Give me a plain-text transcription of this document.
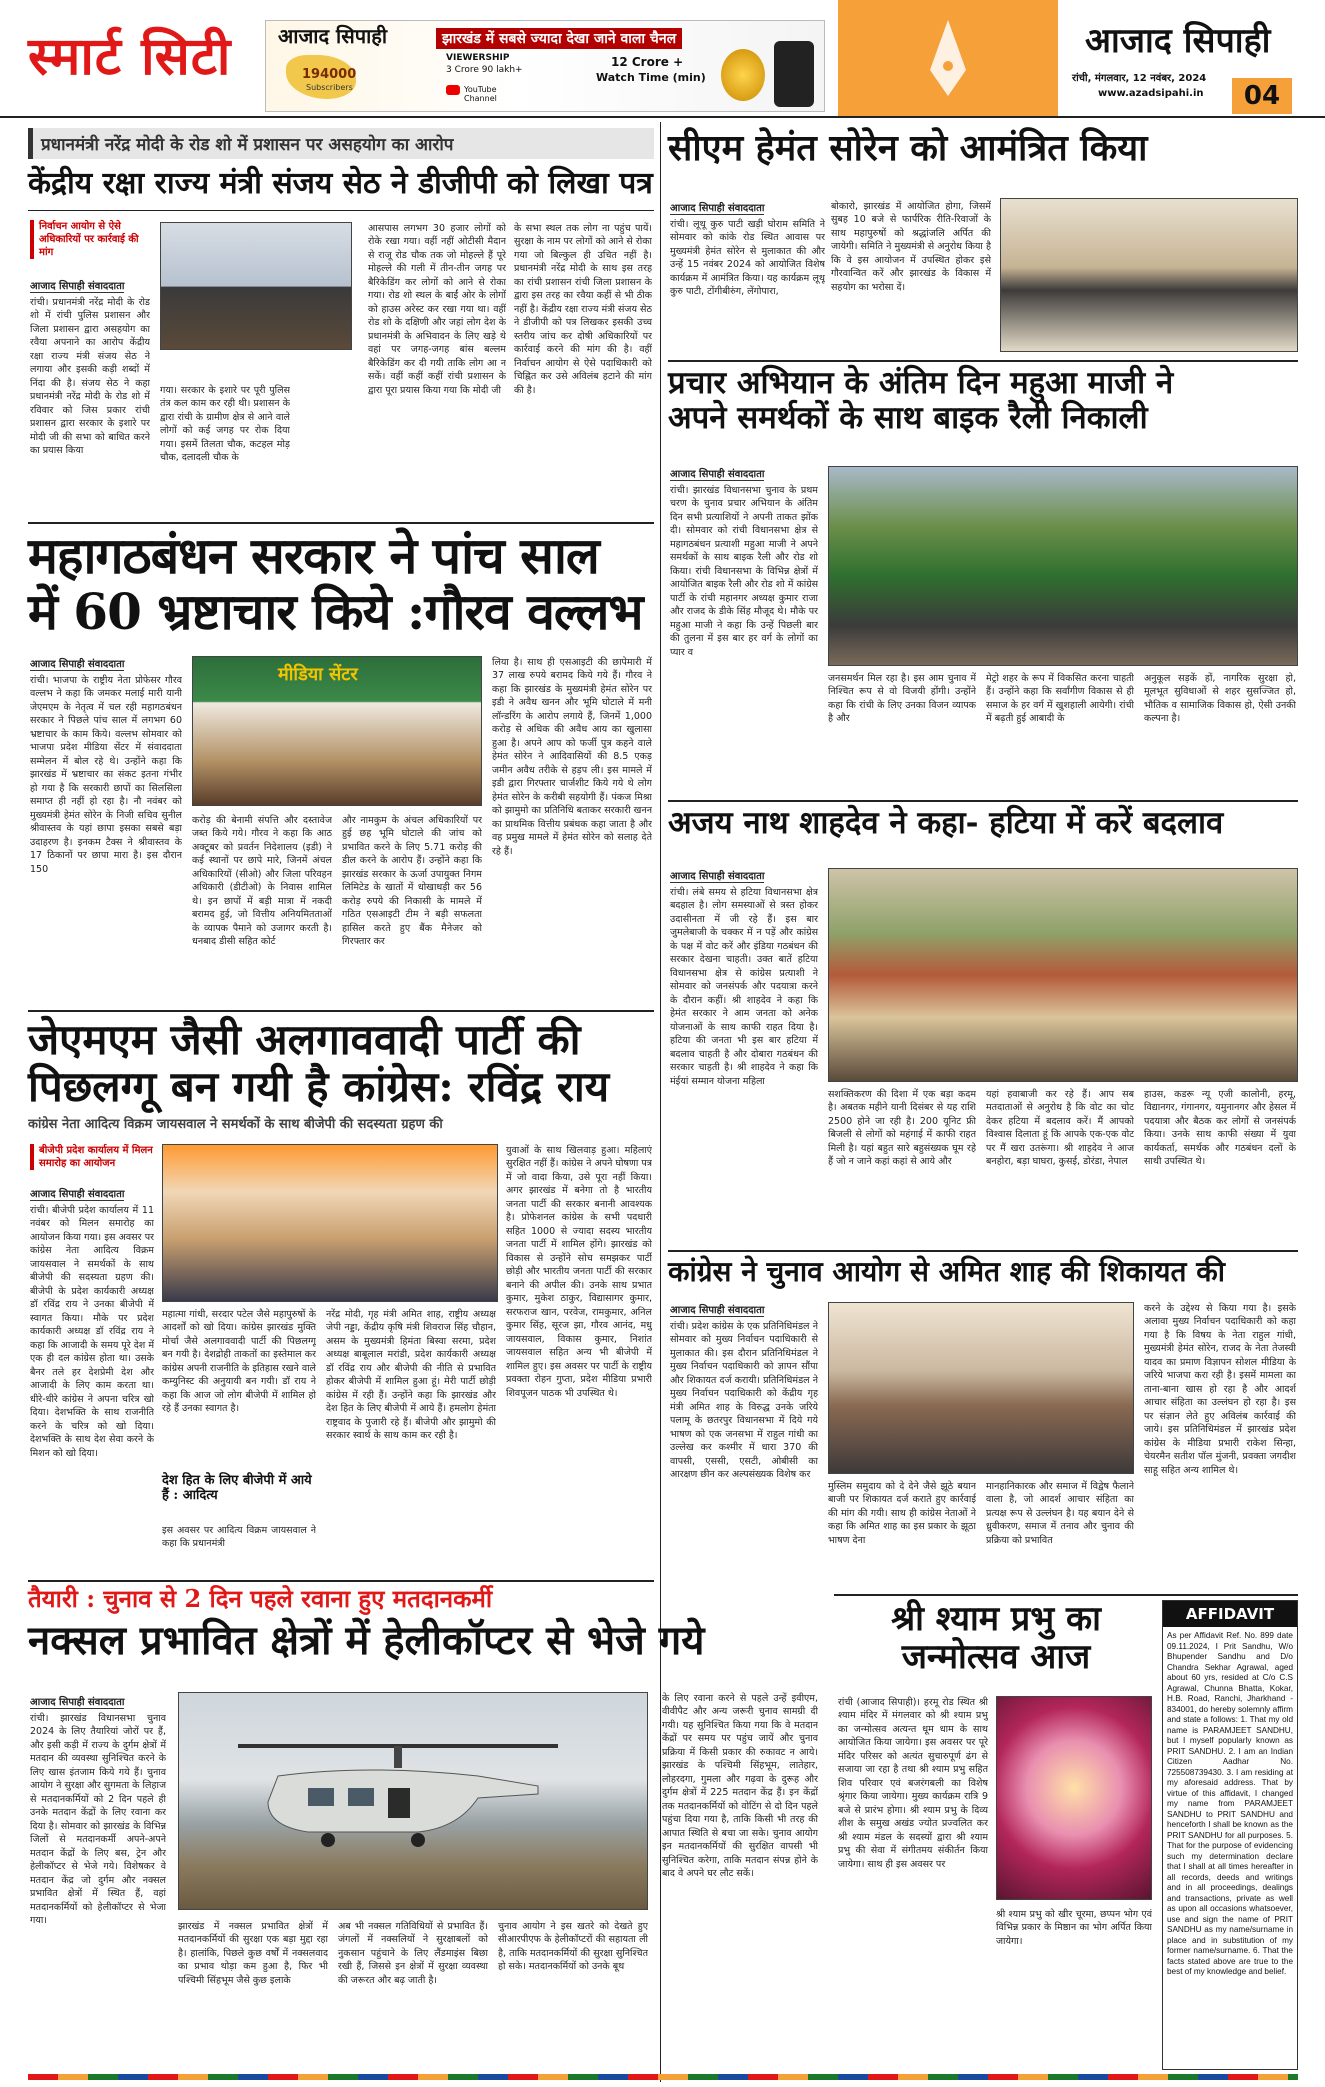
स्मार्ट सिटी आजाद सिपाही	झारखंड में सबसे ज्यादा देखा जाने वाला चैनल
194000
Subscribers
VIEWERSHIP
3 Crore 90 lakh+
YouTube Channel
12 Crore +
Watch Time (min)
आजाद सिपाही
रांची, मंगलवार, 12 नवंबर, 2024
www.azadsipahi.in	04
प्रधानमंत्री नरेंद्र मोदी के रोड शो में प्रशासन पर असहयोग का आरोप
केंद्रीय रक्षा राज्य मंत्री संजय सेठ ने डीजीपी को लिखा पत्र
निर्वाचन आयोग से ऐसे अधिकारियों पर कार्रवाई की मांग
आजाद सिपाही संवाददाता
रांची। प्रधानमंत्री नरेंद्र मोदी के रोड शो में रांची पुलिस प्रशासन और जिला प्रशासन द्वारा असहयोग का रवैया अपनाने का आरोप केंद्रीय रक्षा राज्य मंत्री संजय सेठ ने लगाया और इसकी कड़ी शब्दों में निंदा की है। संजय सेठ ने कहा प्रधानमंत्री नरेंद्र मोदी के रोड शो में रविवार को जिस प्रकार रांची प्रशासन द्वारा सरकार के इशारे पर मोदी जी की सभा को बाधित करने का प्रयास किया
गया। सरकार के इशारे पर पूरी पुलिस तंत्र कल काम कर रही थी। प्रशासन के द्वारा रांची के ग्रामीण क्षेत्र से आने वाले लोगों को कई जगह पर रोक दिया गया। इसमें तिलता चौक, कटहल मोड़ चौक, दलादली चौक के
आसपास लगभग 30 हजार लोगों को रोके रखा गया। वहीं नहीं ओटीसी मैदान से राजू रोड चौक तक जो मोहल्ले हैं पूरे मोहल्ले की गली में तीन-तीन जगह पर बैरिकेडिंग कर लोगों को आने से रोका गया। रोड शो स्थल के बाईं ओर के लोगों को हाउस अरेस्ट कर रखा गया था। वहीं रोड शो के दक्षिणी और जहां लोग देश के प्रधानमंत्री के अभिवादन के लिए खड़े थे वहां पर जगह-जगह बांस बल्लम बैरिकेडिंग कर दी गयी ताकि लोग आ न सकें। वहीं कहीं कहीं रांची प्रशासन के द्वारा पूरा प्रयास किया गया कि मोदी जी
के सभा स्थल तक लोग ना पहुंच पायें। सुरक्षा के नाम पर लोगों को आने से रोका गया जो बिल्कुल ही उचित नहीं है। प्रधानमंत्री नरेंद्र मोदी के साथ इस तरह का रांची प्रशासन रांची जिला प्रशासन के द्वारा इस तरह का रवैया कहीं से भी ठीक नहीं है। केंद्रीय रक्षा राज्य मंत्री संजय सेठ ने डीजीपी को पत्र लिखकर इसकी उच्च स्तरीय जांच कर दोषी अधिकारियों पर कार्रवाई करने की मांग की है। वहीं निर्वाचन आयोग से ऐसे पदाधिकारी को चिह्नित कर उसे अविलंब हटाने की मांग की है।
महागठबंधन सरकार ने पांच साल
में 60 भ्रष्टाचार किये :गौरव वल्लभ
आजाद सिपाही संवाददाता
रांची। भाजपा के राष्ट्रीय नेता प्रोफेसर गौरव वल्लभ ने कहा कि जमकर मलाई मारी यानी जेएमएम के नेतृत्व में चल रही महागठबंधन सरकार ने पिछले पांच साल में लगभग 60 भ्रष्टाचार के काम किये। वल्लभ सोमवार को भाजपा प्रदेश मीडिया सेंटर में संवाददाता सम्मेलन में बोल रहे थे। उन्होंने कहा कि झारखंड में भ्रष्टाचार का संकट इतना गंभीर हो गया है कि सरकारी छापों का सिलसिला समाप्त ही नहीं हो रहा है। नौ नवंबर को मुख्यमंत्री हेमंत सोरेन के निजी सचिव सुनील श्रीवास्तव के यहां छापा इसका सबसे बड़ा उदाहरण है। इनकम टैक्स ने श्रीवास्तव के 17 ठिकानों पर छापा मारा है। इस दौरान 150
मीडिया सेंटर
करोड़ की बेनामी संपत्ति और दस्तावेज जब्त किये गये। गौरव ने कहा कि आठ अक्टूबर को प्रवर्तन निदेशालय (इडी) ने कई स्थानों पर छापे मारे, जिनमें अंचल अधिकारियों (सीओ) और जिला परिवहन अधिकारी (डीटीओ) के निवास शामिल थे। इन छापों में बड़ी मात्रा में नकदी बरामद हुई, जो वित्तीय अनियमितताओं के व्यापक पैमाने को उजागर करती है। धनबाद डीसी सहित कोर्ट
और नामकुम के अंचल अधिकारियों पर हुई छह भूमि घोटाले की जांच को प्रभावित करने के लिए 5.71 करोड़ की डील करने के आरोप हैं। उन्होंने कहा कि झारखंड सरकार के ऊर्जा उपायुक्त निगम लिमिटेड के खातों में धोखाधड़ी कर 56 करोड़ रुपये की निकासी के मामले में गठित एसआइटी टीम ने बड़ी सफलता हासिल करते हुए बैंक मैनेजर को गिरफ्तार कर
लिया है। साथ ही एसआइटी की छापेमारी में 37 लाख रुपये बरामद किये गये हैं। गौरव ने कहा कि झारखंड के मुख्यमंत्री हेमंत सोरेन पर इडी ने अवैध खनन और भूमि घोटाले में मनी लॉन्डरिंग के आरोप लगाये हैं, जिनमें 1,000 करोड़ से अधिक की अवैध आय का खुलासा हुआ है। अपने आप को फर्जी पुत्र कहने वाले हेमंत सोरेन ने आदिवासियों की 8.5 एकड़ जमीन अवैध तरीके से हड़प ली। इस मामले में इडी द्वारा गिरफ्तार चार्जशीट किये गये थे लोग हेमंत सोरेन के करीबी सहयोगी हैं। पंकज मिश्रा को झामुमो का प्रतिनिधि बताकर सरकारी खनन का प्राथमिक वित्तीय प्रबंधक कहा जाता है और वह प्रमुख मामले में हेमंत सोरेन को सलाह देते रहे हैं।
जेएमएम जैसी अलगाववादी पार्टी की
पिछलग्गू बन गयी है कांग्रेस: रविंद्र राय
कांग्रेस नेता आदित्य विक्रम जायसवाल ने समर्थकों के साथ बीजेपी की सदस्यता ग्रहण की
बीजेपी प्रदेश कार्यालय में मिलन समारोह का आयोजन
आजाद सिपाही संवाददाता
रांची। बीजेपी प्रदेश कार्यालय में 11 नवंबर को मिलन समारोह का आयोजन किया गया। इस अवसर पर कांग्रेस नेता आदित्य विक्रम जायसवाल ने समर्थकों के साथ बीजेपी की सदस्यता ग्रहण की। बीजेपी के प्रदेश कार्यकारी अध्यक्ष डॉ रविंद्र राय ने उनका बीजेपी में स्वागत किया। मौके पर प्रदेश कार्यकारी अध्यक्ष डॉ रविंद्र राय ने कहा कि आजादी के समय पूरे देश में एक ही दल कांग्रेस होता था। उसके बैनर तले हर देशप्रेमी देश और आजादी के लिए काम करता था। धीरे-धीरे कांग्रेस ने अपना चरित्र खो दिया। देशभक्ति के साथ राजनीति करने के चरित्र को खो दिया। देशभक्ति के साथ देश सेवा करने के मिशन को खो दिया।
महात्मा गांधी, सरदार पटेल जैसे महापुरुषों के आदर्शों को खो दिया। कांग्रेस झारखंड मुक्ति मोर्चा जैसे अलगाववादी पार्टी की पिछलग्गू बन गयी है। देशद्रोही ताकतों का इस्तेमाल कर कांग्रेस अपनी राजनीति के इतिहास रखने वाले कम्युनिस्ट की अनुयायी बन गयी। डॉ राय ने कहा कि आज जो लोग बीजेपी में शामिल हो रहे हैं उनका स्वागत है।
देश हित के लिए बीजेपी में आये हैं : आदित्य
इस अवसर पर आदित्य विक्रम जायसवाल ने कहा कि प्रधानमंत्री
नरेंद्र मोदी, गृह मंत्री अमित शाह, राष्ट्रीय अध्यक्ष जेपी नड्डा, केंद्रीय कृषि मंत्री शिवराज सिंह चौहान, असम के मुख्यमंत्री हिमंता बिस्वा सरमा, प्रदेश अध्यक्ष बाबूलाल मरांडी, प्रदेश कार्यकारी अध्यक्ष डॉ रविंद्र राय और बीजेपी की नीति से प्रभावित होकर बीजेपी में शामिल हुआ हूं। मेरी पार्टी छोड़ी कांग्रेस में रही हैं। उन्होंने कहा कि झारखंड और देश हित के लिए बीजेपी में आये हैं। हमलोग हेमंता राष्ट्रवाद के पुजारी रहे हैं। बीजेपी और झामुमो की सरकार स्वार्थ के साथ काम कर रही है।
युवाओं के साथ खिलवाड़ हुआ। महिलाएं सुरक्षित नहीं हैं। कांग्रेस ने अपने घोषणा पत्र में जो वादा किया, उसे पूरा नहीं किया। अगर झारखंड में बनेगा तो है भारतीय जनता पार्टी की सरकार बनानी आवश्यक है। प्रोफेशनल कांग्रेस के सभी पदधारी सहित 1000 से ज्यादा सदस्य भारतीय जनता पार्टी में शामिल होंगे। झारखंड को विकास से उन्होंने सोच समझकर पार्टी छोड़ी और भारतीय जनता पार्टी की सरकार बनाने की अपील की। उनके साथ प्रभात कुमार, मुकेश ठाकुर, विद्यासागर कुमार, सरफराज खान, परवेज, रामकुमार, अनिल कुमार सिंह, सूरज झा, गौरव आनंद, मधु जायसवाल, विकास कुमार, निशांत जायसवाल सहित अन्य भी बीजेपी में शामिल हुए। इस अवसर पर पार्टी के राष्ट्रीय प्रवक्ता रोहन गुप्ता, प्रदेश मीडिया प्रभारी शिवपूजन पाठक भी उपस्थित थे।
तैयारी : चुनाव से 2 दिन पहले रवाना हुए मतदानकर्मी
नक्सल प्रभावित क्षेत्रों में हेलीकॉप्टर से भेजे गये
आजाद सिपाही संवाददाता
रांची। झारखंड विधानसभा चुनाव 2024 के लिए तैयारियां जोरों पर हैं, और इसी कड़ी में राज्य के दुर्गम क्षेत्रों में मतदान की व्यवस्था सुनिश्चित करने के लिए खास इंतजाम किये गये हैं। चुनाव आयोग ने सुरक्षा और सुगमता के लिहाज से मतदानकर्मियों को 2 दिन पहले ही उनके मतदान केंद्रों के लिए रवाना कर दिया है। सोमवार को झारखंड के विभिन्न जिलों से मतदानकर्मी अपने-अपने मतदान केंद्रों के लिए बस, ट्रेन और हेलीकॉप्टर से भेजे गये। विशेषकर वे मतदान केंद्र जो दुर्गम और नक्सल प्रभावित क्षेत्रों में स्थित हैं, वहां मतदानकर्मियों को हेलीकॉप्टर से भेजा गया।
झारखंड में नक्सल प्रभावित क्षेत्रों में मतदानकर्मियों की सुरक्षा एक बड़ा मुद्दा रहा है। हालांकि, पिछले कुछ वर्षों में नक्सलवाद का प्रभाव थोड़ा कम हुआ है, फिर भी पश्चिमी सिंहभूम जैसे कुछ इलाके
अब भी नक्सल गतिविधियों से प्रभावित हैं। जंगलों में नक्सलियों ने सुरक्षाबलों को नुकसान पहुंचाने के लिए लैंडमाइंस बिछा रखी हैं, जिससे इन क्षेत्रों में सुरक्षा व्यवस्था की जरूरत और बढ़ जाती है।
चुनाव आयोग ने इस खतरे को देखते हुए सीआरपीएफ के हेलीकॉप्टरों की सहायता ली है, ताकि मतदानकर्मियों की सुरक्षा सुनिश्चित हो सके। मतदानकर्मियों को उनके बूथ
के लिए रवाना करने से पहले उन्हें इवीएम, वीवीपैट और अन्य जरूरी चुनाव सामग्री दी गयी। यह सुनिश्चित किया गया कि वे मतदान केंद्रों पर समय पर पहुंच जायें और चुनाव प्रक्रिया में किसी प्रकार की रुकावट न आये। झारखंड के पश्चिमी सिंहभूम, लातेहार, लोहरदगा, गुमला और गढ़वा के दुरूह और दुर्गम क्षेत्रों में 225 मतदान केंद्र हैं। इन केंद्रों तक मतदानकर्मियों को वोटिंग से दो दिन पहले पहुंचा दिया गया है, ताकि किसी भी तरह की आपात स्थिति से बचा जा सके। चुनाव आयोग इन मतदानकर्मियों की सुरक्षित वापसी भी सुनिश्चित करेगा, ताकि मतदान संपन्न होने के बाद वे अपने घर लौट सकें।
सीएम हेमंत सोरेन को आमंत्रित किया
आजाद सिपाही संवाददाता
रांची। लूथू कुरु पाटी खड़ी घोराम समिति ने सोमवार को कांके रोड स्थित आवास पर मुख्यमंत्री हेमंत सोरेन से मुलाकात की और उन्हें 15 नवंबर 2024 को आयोजित विशेष कार्यक्रम में आमंत्रित किया। यह कार्यक्रम लूथू कुरु पाटी, टोंगीबीरुंग, लेंगोपारा,
बोकारो, झारखंड में आयोजित होगा, जिसमें सुबह 10 बजे से फार्परिक रीति-रिवाजों के साथ महापुरुषों को श्रद्धांजलि अर्पित की जायेगी। समिति ने मुख्यमंत्री से अनुरोध किया है कि वे इस आयोजन में उपस्थित होकर इसे गौरवान्वित करें और झारखंड के विकास में सहयोग का भरोसा दें।
प्रचार अभियान के अंतिम दिन महुआ माजी ने
अपने समर्थकों के साथ बाइक रैली निकाली
आजाद सिपाही संवाददाता
रांची। झारखंड विधानसभा चुनाव के प्रथम चरण के चुनाव प्रचार अभियान के अंतिम दिन सभी प्रत्याशियों ने अपनी ताकत झोंक दी। सोमवार को रांची विधानसभा क्षेत्र से महागठबंधन प्रत्याशी महुआ माजी ने अपने समर्थकों के साथ बाइक रैली और रोड शो किया। रांची विधानसभा के विभिन्न क्षेत्रों में आयोजित बाइक रैली और रोड शो में कांग्रेस पार्टी के रांची महानगर अध्यक्ष कुमार राजा और राजद के डीके सिंह मौजूद थे। मौके पर महुआ माजी ने कहा कि उन्हें पिछली बार की तुलना में इस बार हर वर्ग के लोगों का प्यार व
जनसमर्थन मिल रहा है। इस आम चुनाव में निश्चित रूप से वो विजयी होंगी। उन्होंने कहा कि रांची के लिए उनका विजन व्यापक है और
मेट्रो शहर के रूप में विकसित करना चाहती हैं। उन्होंने कहा कि सर्वांगीण विकास से ही समाज के हर वर्ग में खुशहाली आयेगी। रांची में बढ़ती हुई आबादी के
अनुकूल सड़कें हों, नागरिक सुरक्षा हो, मूलभूत सुविधाओं से शहर सुसज्जित हो, भौतिक व सामाजिक विकास हो, ऐसी उनकी कल्पना है।
अजय नाथ शाहदेव ने कहा- हटिया में करें बदलाव
आजाद सिपाही संवाददाता
रांची। लंबे समय से हटिया विधानसभा क्षेत्र बदहाल है। लोग समस्याओं से त्रस्त होकर उदासीनता में जी रहे हैं। इस बार जुमलेबाजी के चक्कर में न पड़ें और कांग्रेस के पक्ष में वोट करें और इंडिया गठबंधन की सरकार देखना चाहती। उक्त बातें हटिया विधानसभा क्षेत्र से कांग्रेस प्रत्याशी ने सोमवार को जनसंपर्क और पदयात्रा करने के दौरान कहीं। श्री शाहदेव ने कहा कि हेमंत सरकार ने आम जनता को अनेक योजनाओं के साथ काफी राहत दिया है। हटिया की जनता भी इस बार हटिया में बदलाव चाहती है और दोबारा गठबंधन की सरकार चाहती है। श्री शाहदेव ने कहा कि मंईयां सम्मान योजना महिला
सशक्तिकरण की दिशा में एक बड़ा कदम है। अबतक महीने यानी दिसंबर से यह राशि 2500 होने जा रही है। 200 यूनिट फ्री बिजली से लोगों को महंगाई में काफी राहत मिली है। यहां बहुत सारे बहुसंख्यक घूम रहे हैं जो न जाने कहां कहां से आये और
यहां हवाबाजी कर रहे हैं। आप सब मतदाताओं से अनुरोध है कि वोट का चोट देकर हटिया में बदलाव करें। मैं आपको विश्वास दिलाता हूं कि आपके एक-एक वोट पर मैं खरा उतरूंगा। श्री शाहदेव ने आज बनहोरा, बड़ा घाघरा, कुसई, डोरंडा, नेपाल
हाउस, कडरू न्यू एजी कालोनी, हरमू, विद्यानगर, गंगानगर, यमुनानगर और हेसल में पदयात्रा और बैठक कर लोगों से जनसंपर्क किया। उनके साथ काफी संख्या में युवा कार्यकर्ता, समर्थक और गठबंधन दलों के साथी उपस्थित थे।
कांग्रेस ने चुनाव आयोग से अमित शाह की शिकायत की
आजाद सिपाही संवाददाता
रांची। प्रदेश कांग्रेस के एक प्रतिनिधिमंडल ने सोमवार को मुख्य निर्वाचन पदाधिकारी से मुलाकात की। इस दौरान प्रतिनिधिमंडल ने मुख्य निर्वाचन पदाधिकारी को ज्ञापन सौंपा और शिकायत दर्ज करायी। प्रतिनिधिमंडल ने मुख्य निर्वाचन पदाधिकारी को केंद्रीय गृह मंत्री अमित शाह के विरुद्ध उनके जरिये पलामू के छतरपुर विधानसभा में दिये गये भाषण को एक जनसभा में राहुल गांधी का उल्लेख कर कश्मीर में धारा 370 की वापसी, एससी, एसटी, ओबीसी का आरक्षण छीन कर अल्पसंख्यक विशेष कर
मुस्लिम समुदाय को दे देने जैसे झूठे बयान बाजी पर शिकायत दर्ज कराते हुए कार्रवाई की मांग की गयी। साथ ही कांग्रेस नेताओं ने कहा कि अमित शाह का इस प्रकार के झूठा भाषण देना
मानहानिकारक और समाज में विद्वेष फैलाने वाला है, जो आदर्श आचार संहिता का प्रत्यक्ष रूप से उल्लंघन है। यह बयान देने से ध्रुवीकरण, समाज में तनाव और चुनाव की प्रक्रिया को प्रभावित
करने के उद्देश्य से किया गया है। इसके अलावा मुख्य निर्वाचन पदाधिकारी को कहा गया है कि विषय के नेता राहुल गांधी, मुख्यमंत्री हेमंत सोरेन, राजद के नेता तेजस्वी यादव का प्रमाण विज्ञापन सोशल मीडिया के जरिये भाजपा करा रही है। इसमें मामला का ताना-बाना खास हो रहा है और आदर्श आचार संहिता का उल्लंघन हो रहा है। इस पर संज्ञान लेते हुए अविलंब कार्रवाई की जाये। इस प्रतिनिधिमंडल में झारखंड प्रदेश कांग्रेस के मीडिया प्रभारी राकेश सिन्हा, चेयरमैन सतीश पॉल मुंजनी, प्रवक्ता जगदीश साहू सहित अन्य शामिल थे।
श्री श्याम प्रभु का
जन्मोत्सव आज
रांची (आजाद सिपाही)। हरमू रोड स्थित श्री श्याम मंदिर में मंगलवार को श्री श्याम प्रभु का जन्मोत्सव अत्यन्त धूम धाम के साथ आयोजित किया जायेगा। इस अवसर पर पूरे मंदिर परिसर को अत्यंत सुचारुपूर्ण ढंग से सजाया जा रहा है तथा श्री श्याम प्रभु सहित शिव परिवार एवं बजरंगबली का विशेष श्रृंगार किया जायेगा। मुख्य कार्यक्रम रात्रि 9 बजे से प्रारंभ होगा। श्री श्याम प्रभु के दिव्य शीश के समुख अखंड ज्योत प्रज्वलित कर श्री श्याम मंडल के सदस्यों द्वारा श्री श्याम प्रभु की सेवा में संगीतमय संकीर्तन किया जायेगा। साथ ही इस अवसर पर
श्री श्याम प्रभु को खीर चूरमा, छप्पन भोग एवं विभिन्न प्रकार के मिष्ठान का भोग अर्पित किया जायेगा।
AFFIDAVIT
As per Affidavit Ref. No. 899 date 09.11.2024, I Prit Sandhu, W/o Bhupender Sandhu and D/o Chandra Sekhar Agrawal, aged about 60 yrs, resided at C/o C.S Agrawal, Chunna Bhatta, Kokar, H.B. Road, Ranchi, Jharkhand - 834001, do hereby solemnly affirm and state a follows: 1. That my old name is PARAMJEET SANDHU, but I myself popularly known as PRIT SANDHU. 2. I am an Indian Citizen Aadhar No. 725508739430. 3. I am residing at my aforesaid address. That by virtue of this affidavit, I changed my name from PARAMJEET SANDHU to PRIT SANDHU and henceforth I shall be known as the PRIT SANDHU for all purposes. 5. That for the purpose of evidencing such my determination declare that I shall at all times hereafter in all records, deeds and writings and in all proceedings, dealings and transactions, private as well as upon all occasions whatsoever, use and sign the name of PRIT SANDHU as my name/surname in place and in substitution of my former name/surname. 6. That the facts stated above are true to the best of my knowledge and belief.
